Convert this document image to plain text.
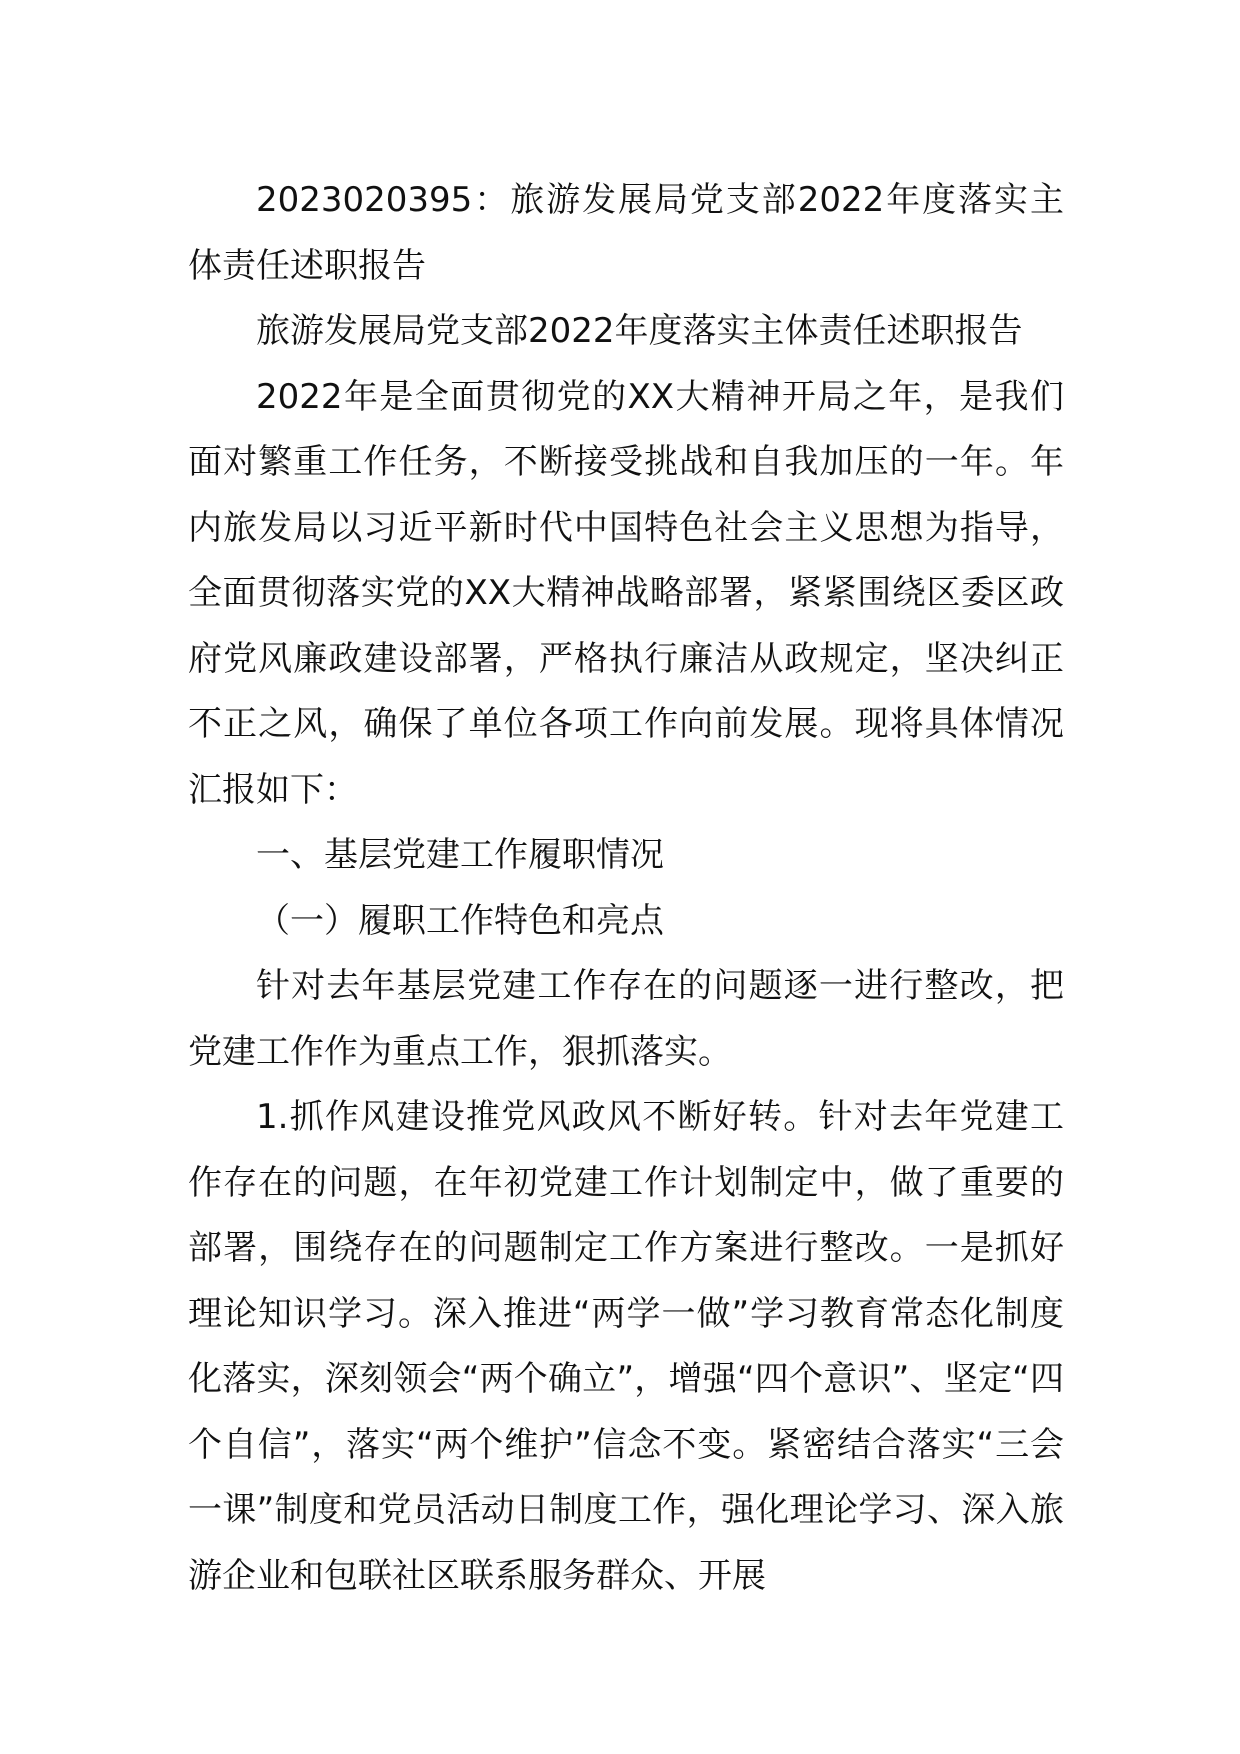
2023020395：旅游发展局党支部2022年度落实主体责任述职报告

旅游发展局党支部2022年度落实主体责任述职报告

2022年是全面贯彻党的XX大精神开局之年，是我们面对繁重工作任务，不断接受挑战和自我加压的一年。年内旅发局以习近平新时代中国特色社会主义思想为指导，全面贯彻落实党的XX大精神战略部署，紧紧围绕区委区政府党风廉政建设部署，严格执行廉洁从政规定，坚决纠正不正之风，确保了单位各项工作向前发展。现将具体情况汇报如下：

一、基层党建工作履职情况

（一）履职工作特色和亮点

针对去年基层党建工作存在的问题逐一进行整改，把党建工作作为重点工作，狠抓落实。

1.抓作风建设推党风政风不断好转。针对去年党建工作存在的问题，在年初党建工作计划制定中，做了重要的部署，围绕存在的问题制定工作方案进行整改。一是抓好理论知识学习。深入推进“两学一做”学习教育常态化制度化落实，深刻领会“两个确立”，增强“四个意识”、坚定“四个自信”，落实“两个维护”信念不变。紧密结合落实“三会一课”制度和党员活动日制度工作，强化理论学习、深入旅游企业和包联社区联系服务群众、开展
